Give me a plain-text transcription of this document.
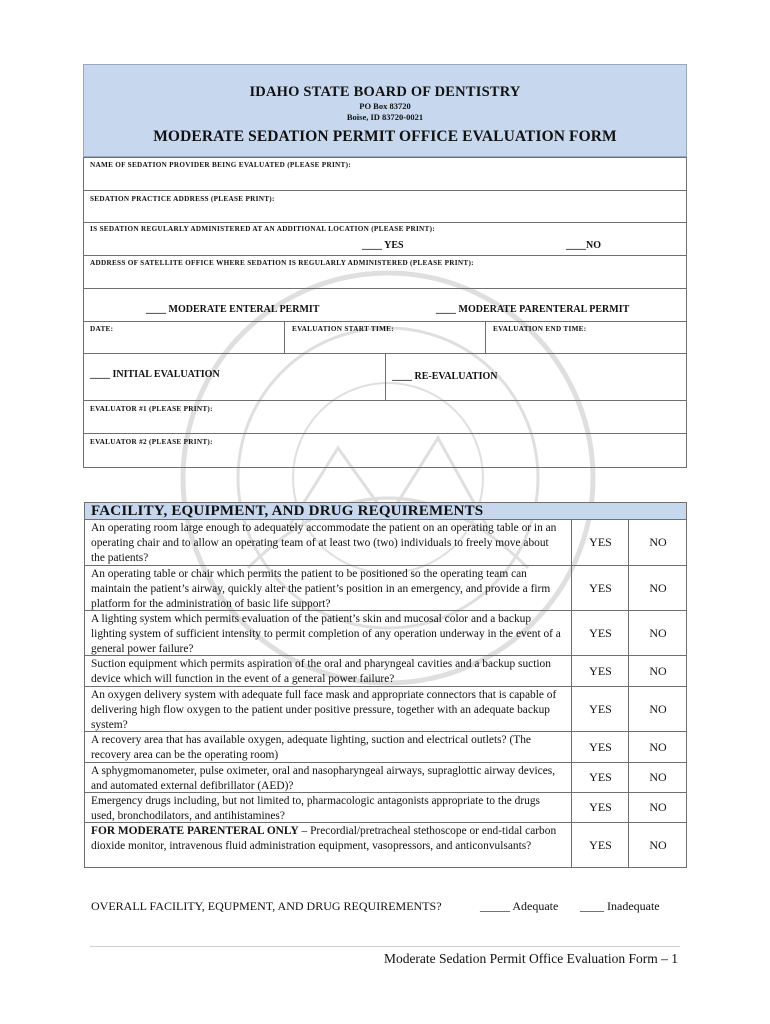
IDAHO STATE BOARD OF DENTISTRY
PO Box 83720
Boise, ID 83720-0021
MODERATE SEDATION PERMIT OFFICE EVALUATION FORM
NAME OF SEDATION PROVIDER BEING EVALUATED (PLEASE PRINT):
SEDATION PRACTICE ADDRESS (PLEASE PRINT):
IS SEDATION REGULARLY ADMINISTERED AT AN ADDITIONAL LOCATION (PLEASE PRINT):
____ YES	____NO
ADDRESS OF SATELLITE OFFICE WHERE SEDATION IS REGULARLY ADMINISTERED (PLEASE PRINT):
____ MODERATE ENTERAL PERMIT	____ MODERATE PARENTERAL PERMIT
DATE:	EVALUATION START TIME:	EVALUATION END TIME:
____ INITIAL EVALUATION	____ RE-EVALUATION
EVALUATOR #1 (PLEASE PRINT):
EVALUATOR #2 (PLEASE PRINT):
FACILITY, EQUIPMENT, AND DRUG REQUIREMENTS
An operating room large enough to adequately accommodate the patient on an operating table or in an operating chair and to allow an operating team of at least two (two) individuals to freely move about the patients?
YES	NO
An operating table or chair which permits the patient to be positioned so the operating team can maintain the patient’s airway, quickly alter the patient’s position in an emergency, and provide a firm platform for the administration of basic life support?
YES	NO
A lighting system which permits evaluation of the patient’s skin and mucosal color and a backup lighting system of sufficient intensity to permit completion of any operation underway in the event of a general power failure?
YES	NO
Suction equipment which permits aspiration of the oral and pharyngeal cavities and a backup suction device which will function in the event of a general power failure?
YES	NO
An oxygen delivery system with adequate full face mask and appropriate connectors that is capable of delivering high flow oxygen to the patient under positive pressure, together with an adequate backup system?
YES	NO
A recovery area that has available oxygen, adequate lighting, suction and electrical outlets? (The recovery area can be the operating room)
YES	NO
A sphygmomanometer, pulse oximeter, oral and nasopharyngeal airways, supraglottic airway devices, and automated external defibrillator (AED)?
YES	NO
Emergency drugs including, but not limited to, pharmacologic antagonists appropriate to the drugs used, bronchodilators, and antihistamines?
YES	NO
FOR MODERATE PARENTERAL ONLY – Precordial/pretracheal stethoscope or end-tidal carbon dioxide monitor, intravenous fluid administration equipment, vasopressors, and anticonvulsants?	YES	NO
OVERALL FACILITY, EQUPMENT, AND DRUG REQUIREMENTS?	_____ Adequate ____ Inadequate
Moderate Sedation Permit Office Evaluation Form – 1
